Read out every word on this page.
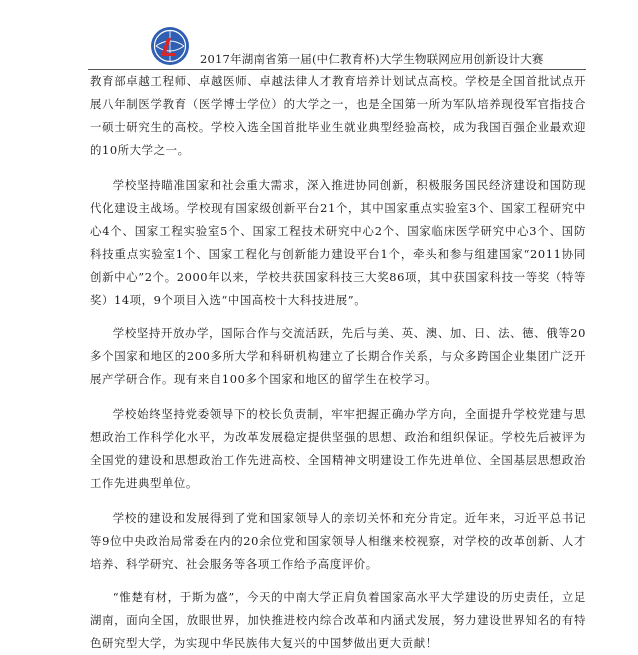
2017年湖南省第一届(中仁教育杯)大学生物联网应用创新设计大赛

教育部卓越工程师、卓越医师、卓越法律人才教育培养计划试点高校。学校是全国首批试点开展八年制医学教育（医学博士学位）的大学之一，也是全国第一所为军队培养现役军官指技合一硕士研究生的高校。学校入选全国首批毕业生就业典型经验高校，成为我国百强企业最欢迎的10所大学之一。

学校坚持瞄准国家和社会重大需求，深入推进协同创新，积极服务国民经济建设和国防现代化建设主战场。学校现有国家级创新平台21个，其中国家重点实验室3个、国家工程研究中心4个、国家工程实验室5个、国家工程技术研究中心2个、国家临床医学研究中心3个、国防科技重点实验室1个、国家工程化与创新能力建设平台1个，牵头和参与组建国家“2011协同创新中心”2个。2000年以来，学校共获国家科技三大奖86项，其中获国家科技一等奖（特等奖）14项，9个项目入选“中国高校十大科技进展”。

学校坚持开放办学，国际合作与交流活跃，先后与美、英、澳、加、日、法、德、俄等20多个国家和地区的200多所大学和科研机构建立了长期合作关系，与众多跨国企业集团广泛开展产学研合作。现有来自100多个国家和地区的留学生在校学习。

学校始终坚持党委领导下的校长负责制，牢牢把握正确办学方向，全面提升学校党建与思想政治工作科学化水平，为改革发展稳定提供坚强的思想、政治和组织保证。学校先后被评为全国党的建设和思想政治工作先进高校、全国精神文明建设工作先进单位、全国基层思想政治工作先进典型单位。

学校的建设和发展得到了党和国家领导人的亲切关怀和充分肯定。近年来，习近平总书记等9位中央政治局常委在内的20余位党和国家领导人相继来校视察，对学校的改革创新、人才培养、科学研究、社会服务等各项工作给予高度评价。

“惟楚有材，于斯为盛”，今天的中南大学正肩负着国家高水平大学建设的历史责任，立足湖南，面向全国，放眼世界，加快推进校内综合改革和内涵式发展，努力建设世界知名的有特色研究型大学，为实现中华民族伟大复兴的中国梦做出更大贡献！
